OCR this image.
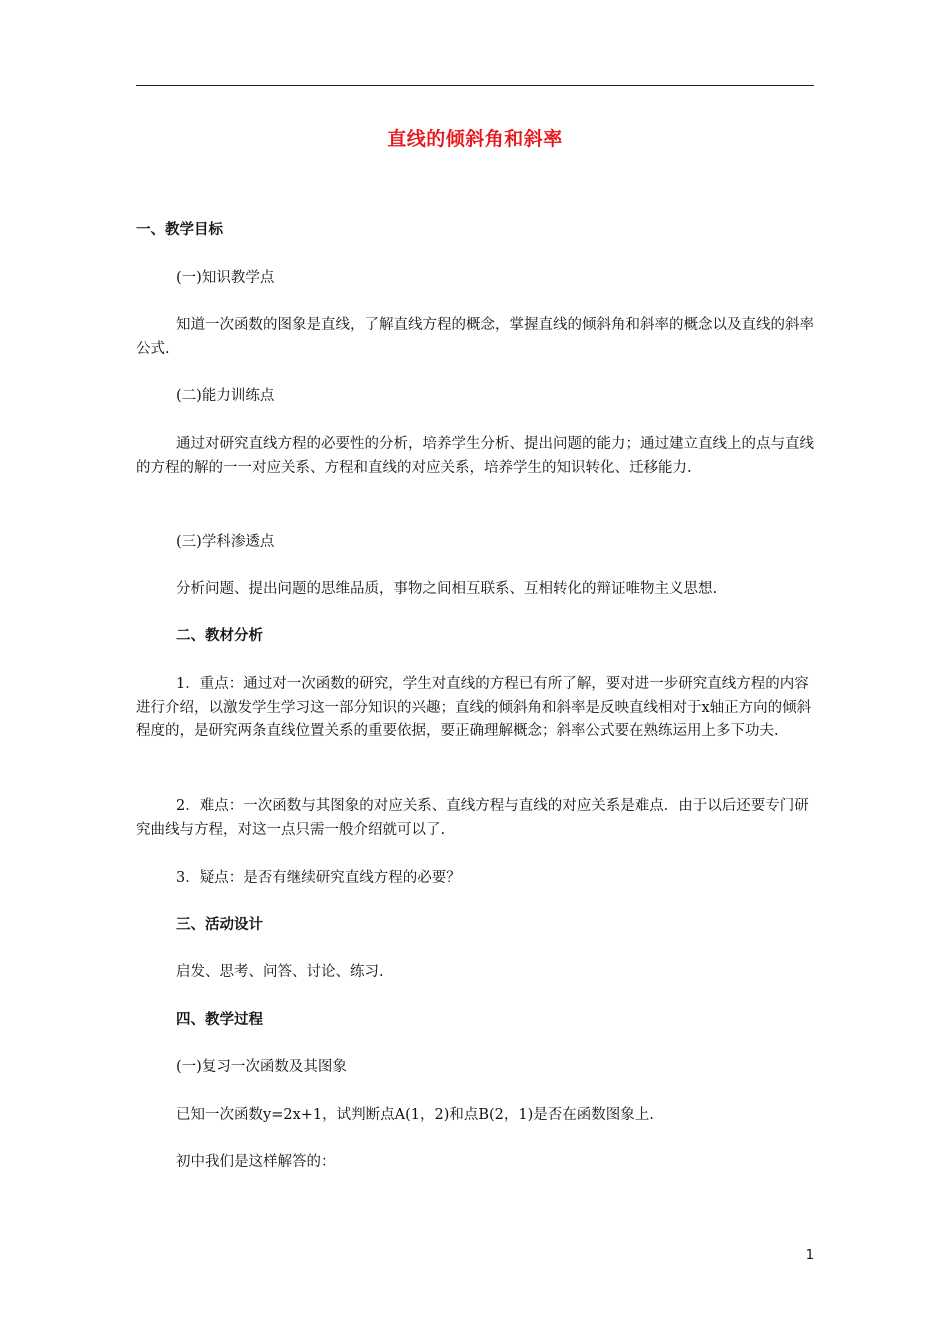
直线的倾斜角和斜率
一、教学目标
(一)知识教学点
知道一次函数的图象是直线，了解直线方程的概念，掌握直线的倾斜角和斜率的概念以及直线的斜率公式.
(二)能力训练点
通过对研究直线方程的必要性的分析，培养学生分析、提出问题的能力；通过建立直线上的点与直线的方程的解的一一对应关系、方程和直线的对应关系，培养学生的知识转化、迁移能力.
(三)学科渗透点
分析问题、提出问题的思维品质，事物之间相互联系、互相转化的辩证唯物主义思想.
二、教材分析
1．重点：通过对一次函数的研究，学生对直线的方程已有所了解，要对进一步研究直线方程的内容进行介绍，以激发学生学习这一部分知识的兴趣；直线的倾斜角和斜率是反映直线相对于x轴正方向的倾斜程度的，是研究两条直线位置关系的重要依据，要正确理解概念；斜率公式要在熟练运用上多下功夫.
2．难点：一次函数与其图象的对应关系、直线方程与直线的对应关系是难点．由于以后还要专门研究曲线与方程，对这一点只需一般介绍就可以了.
3．疑点：是否有继续研究直线方程的必要？
三、活动设计
启发、思考、问答、讨论、练习.
四、教学过程
(一)复习一次函数及其图象
已知一次函数y=2x+1，试判断点A(1，2)和点B(2，1)是否在函数图象上.
初中我们是这样解答的：
1
